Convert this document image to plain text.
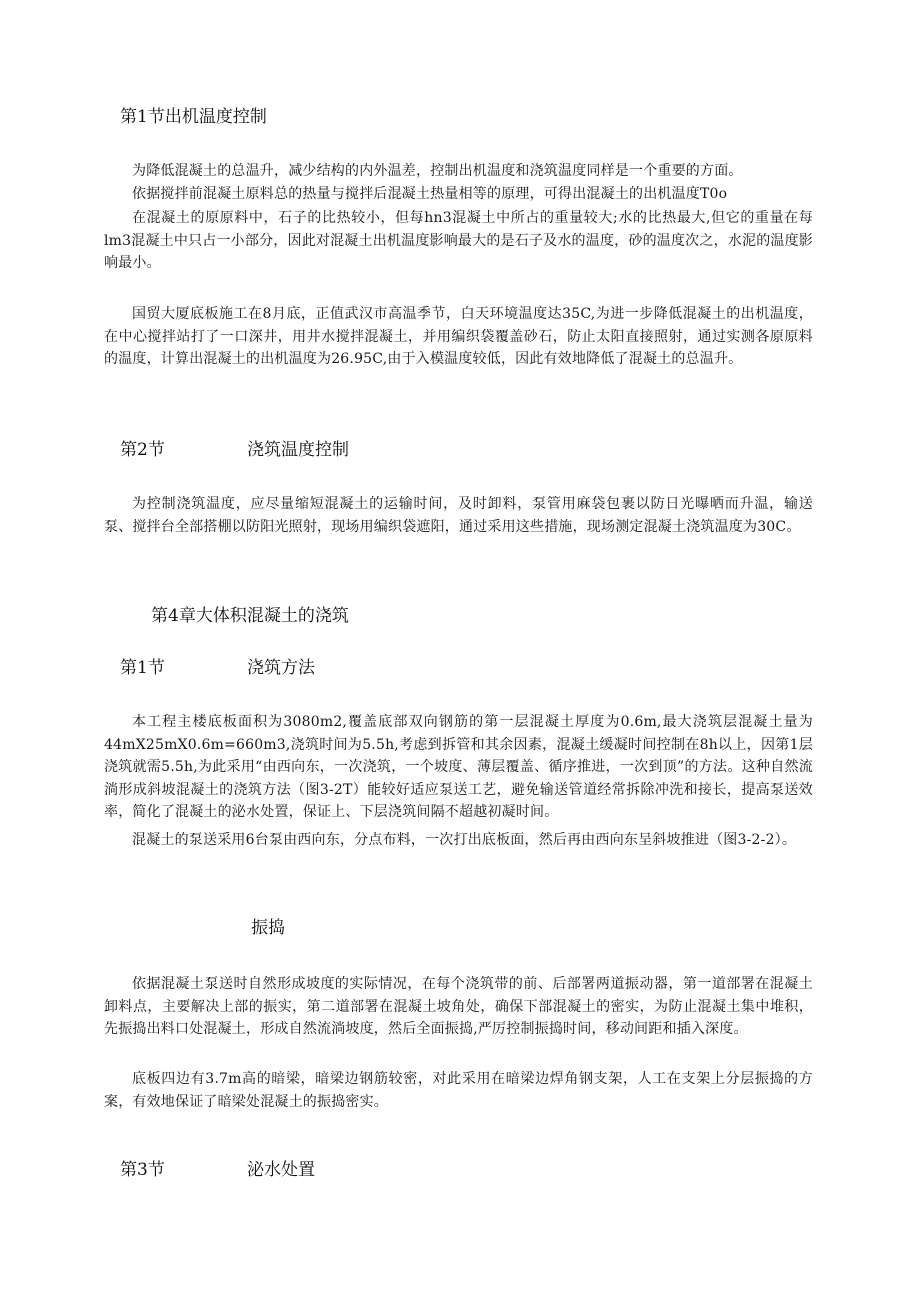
第1节出机温度控制
为降低混凝土的总温升，减少结构的内外温差，控制出机温度和浇筑温度同样是一个重要的方面。
依据搅拌前混凝土原料总的热量与搅拌后混凝土热量相等的原理，可得出混凝土的出机温度T0o
在混凝土的原原料中，石子的比热较小，但每hn3混凝土中所占的重量较大;水的比热最大,但它的重量在每lm3混凝土中只占一小部分，因此对混凝土出机温度影响最大的是石子及水的温度，砂的温度次之，水泥的温度影响最小。
国贸大厦底板施工在8月底，正值武汉市高温季节，白天环境温度达35C,为进一步降低混凝土的出机温度，在中心搅拌站打了一口深井，用井水搅拌混凝土，并用编织袋覆盖砂石，防止太阳直接照射，通过实测各原原料的温度，计算出混凝土的出机温度为26.95C,由于入模温度较低，因此有效地降低了混凝土的总温升。
第2节	浇筑温度控制
为控制浇筑温度，应尽量缩短混凝土的运输时间，及时卸料，泵管用麻袋包裹以防日光曝晒而升温，输送泵、搅拌台全部搭棚以防阳光照射，现场用编织袋遮阳，通过采用这些措施，现场测定混凝土浇筑温度为30C。
第4章大体积混凝土的浇筑
第1节	浇筑方法
本工程主楼底板面积为3080m2,覆盖底部双向钢筋的第一层混凝土厚度为0.6m,最大浇筑层混凝土量为44mX25mX0.6m=660m3,浇筑时间为5.5h,考虑到拆管和其余因素，混凝土缓凝时间控制在8h以上，因第1层浇筑就需5.5h,为此采用“由西向东，一次浇筑，一个坡度、薄层覆盖、循序推进，一次到顶”的方法。这种自然流淌形成斜坡混凝土的浇筑方法（图3-2T）能较好适应泵送工艺，避免输送管道经常拆除冲洗和接长，提高泵送效率，简化了混凝土的泌水处置，保证上、下层浇筑间隔不超越初凝时间。
混凝土的泵送采用6台泵由西向东，分点布料，一次打出底板面，然后再由西向东呈斜坡推进（图3-2-2）。
振捣
依据混凝土泵送时自然形成坡度的实际情况，在每个浇筑带的前、后部署两道振动器，第一道部署在混凝土卸料点，主要解决上部的振实，第二道部署在混凝土坡角处，确保下部混凝土的密实，为防止混凝土集中堆积，先振捣出料口处混凝土，形成自然流淌坡度，然后全面振捣,严厉控制振捣时间，移动间距和插入深度。
底板四边有3.7m高的暗梁，暗梁边钢筋较密，对此采用在暗梁边焊角钢支架，人工在支架上分层振捣的方案，有效地保证了暗梁处混凝土的振捣密实。
第3节	泌水处置
